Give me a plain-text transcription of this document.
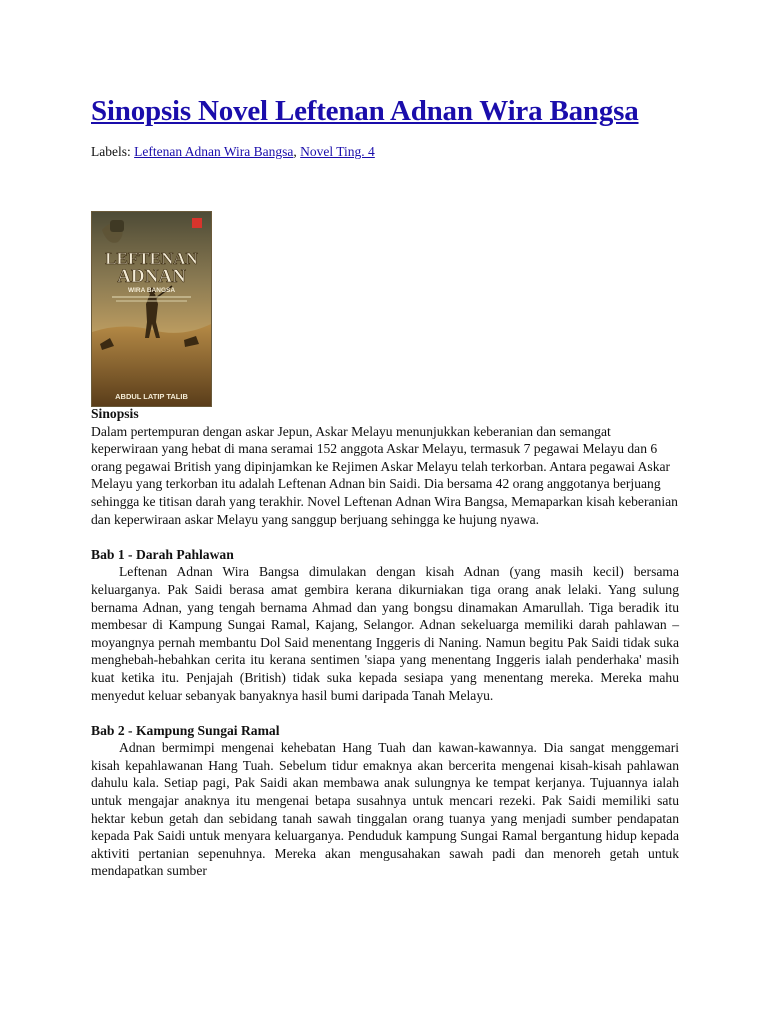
Sinopsis Novel Leftenan Adnan Wira Bangsa
Labels: Leftenan Adnan Wira Bangsa, Novel Ting. 4
LEFTENAN
ADNAN
WIRA BANGSA
ABDUL LATIP TALIB
Sinopsis

Dalam pertempuran dengan askar Jepun, Askar Melayu menunjukkan keberanian dan semangat keperwiraan yang hebat di mana seramai 152 anggota Askar Melayu, termasuk 7 pegawai Melayu dan 6 orang pegawai British yang dipinjamkan ke Rejimen Askar Melayu telah terkorban. Antara pegawai Askar Melayu yang terkorban itu adalah Leftenan Adnan bin Saidi. Dia bersama 42 orang anggotanya berjuang sehingga ke titisan darah yang terakhir. Novel Leftenan Adnan Wira Bangsa, Memaparkan kisah keberanian dan keperwiraan askar Melayu yang sanggup berjuang sehingga ke hujung nyawa.

Bab 1 - Darah Pahlawan

Leftenan Adnan Wira Bangsa dimulakan dengan kisah Adnan (yang masih kecil) bersama keluarganya. Pak Saidi berasa amat gembira kerana dikurniakan tiga orang anak lelaki. Yang sulung bernama Adnan, yang tengah bernama Ahmad dan yang bongsu dinamakan Amarullah. Tiga beradik itu membesar di Kampung Sungai Ramal, Kajang, Selangor. Adnan sekeluarga memiliki darah pahlawan – moyangnya pernah membantu Dol Said menentang Inggeris di Naning. Namun begitu Pak Saidi tidak suka menghebah-hebahkan cerita itu kerana sentimen 'siapa yang menentang Inggeris ialah penderhaka' masih kuat ketika itu. Penjajah (British) tidak suka kepada sesiapa yang menentang mereka. Mereka mahu menyedut keluar sebanyak banyaknya hasil bumi daripada Tanah Melayu.

Bab 2 - Kampung Sungai Ramal

Adnan bermimpi mengenai kehebatan Hang Tuah dan kawan-kawannya. Dia sangat menggemari kisah kepahlawanan Hang Tuah. Sebelum tidur emaknya akan bercerita mengenai kisah-kisah pahlawan dahulu kala. Setiap pagi, Pak Saidi akan membawa anak sulungnya ke tempat kerjanya. Tujuannya ialah untuk mengajar anaknya itu mengenai betapa susahnya untuk mencari rezeki. Pak Saidi memiliki satu hektar kebun getah dan sebidang tanah sawah tinggalan orang tuanya yang menjadi sumber pendapatan kepada Pak Saidi untuk menyara keluarganya. Penduduk kampung Sungai Ramal bergantung hidup kepada aktiviti pertanian sepenuhnya. Mereka akan mengusahakan sawah padi dan menoreh getah untuk mendapatkan sumber
